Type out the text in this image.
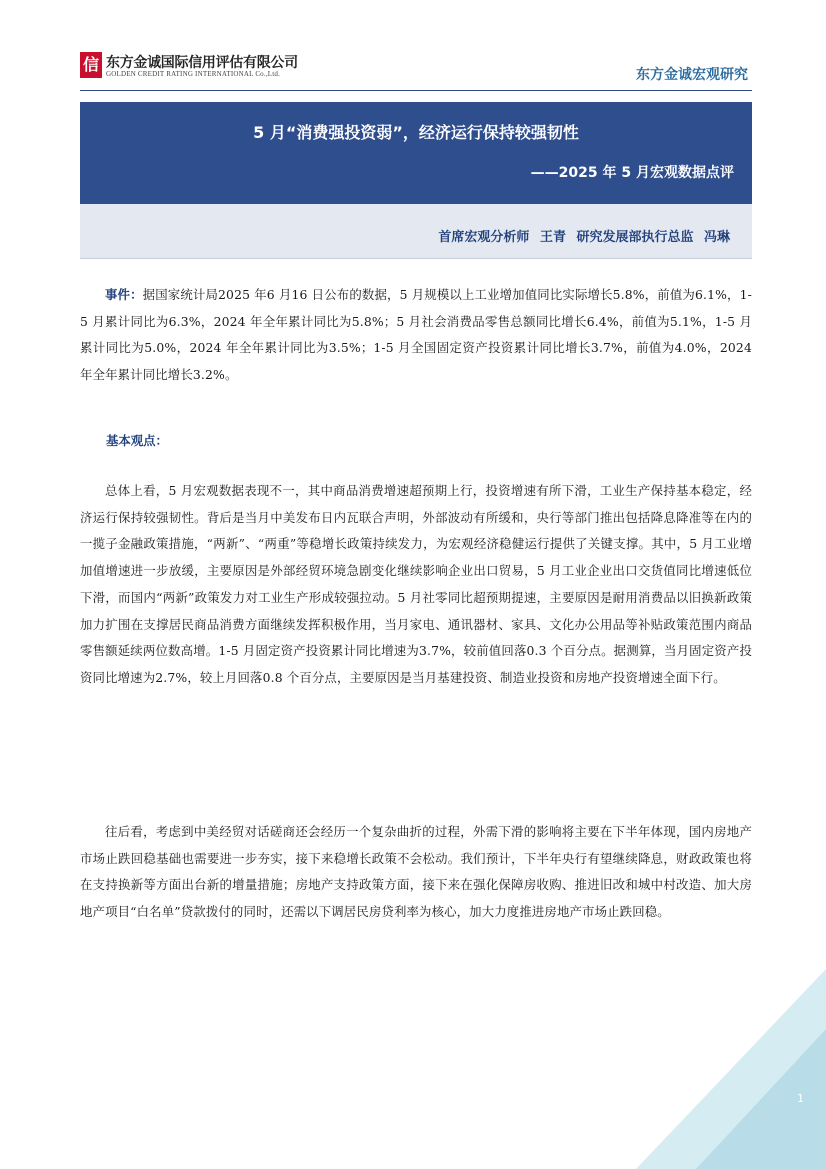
信 东方金诚国际信用评估有限公司
GOLDEN CREDIT RATING INTERNATIONAL Co.,Ltd.	东方金诚宏观研究
5 月“消费强投资弱”，经济运行保持较强韧性
——2025 年 5 月宏观数据点评
首席宏观分析师 王青 研究发展部执行总监 冯琳
事件：据国家统计局2025 年6 月16 日公布的数据，5 月规模以上工业增加值同比实际增长5.8%，前值为6.1%，1-5 月累计同比为6.3%，2024 年全年累计同比为5.8%；5 月社会消费品零售总额同比增长6.4%，前值为5.1%，1-5 月累计同比为5.0%，2024 年全年累计同比为3.5%；1-5 月全国固定资产投资累计同比增长3.7%，前值为4.0%，2024 年全年累计同比增长3.2%。
基本观点：
总体上看，5 月宏观数据表现不一，其中商品消费增速超预期上行，投资增速有所下滑，工业生产保持基本稳定，经济运行保持较强韧性。背后是当月中美发布日内瓦联合声明，外部波动有所缓和，央行等部门推出包括降息降准等在内的一揽子金融政策措施，“两新”、“两重”等稳增长政策持续发力，为宏观经济稳健运行提供了关键支撑。其中，5 月工业增加值增速进一步放缓，主要原因是外部经贸环境急剧变化继续影响企业出口贸易，5 月工业企业出口交货值同比增速低位下滑，而国内“两新”政策发力对工业生产形成较强拉动。5 月社零同比超预期提速，主要原因是耐用消费品以旧换新政策加力扩围在支撑居民商品消费方面继续发挥积极作用，当月家电、通讯器材、家具、文化办公用品等补贴政策范围内商品零售额延续两位数高增。1-5 月固定资产投资累计同比增速为3.7%，较前值回落0.3 个百分点。据测算，当月固定资产投资同比增速为2.7%，较上月回落0.8 个百分点，主要原因是当月基建投资、制造业投资和房地产投资增速全面下行。
往后看，考虑到中美经贸对话磋商还会经历一个复杂曲折的过程，外需下滑的影响将主要在下半年体现，国内房地产市场止跌回稳基础也需要进一步夯实，接下来稳增长政策不会松动。我们预计，下半年央行有望继续降息，财政政策也将在支持换新等方面出台新的增量措施；房地产支持政策方面，接下来在强化保障房收购、推进旧改和城中村改造、加大房地产项目“白名单”贷款拨付的同时，还需以下调居民房贷利率为核心，加大力度推进房地产市场止跌回稳。
1
